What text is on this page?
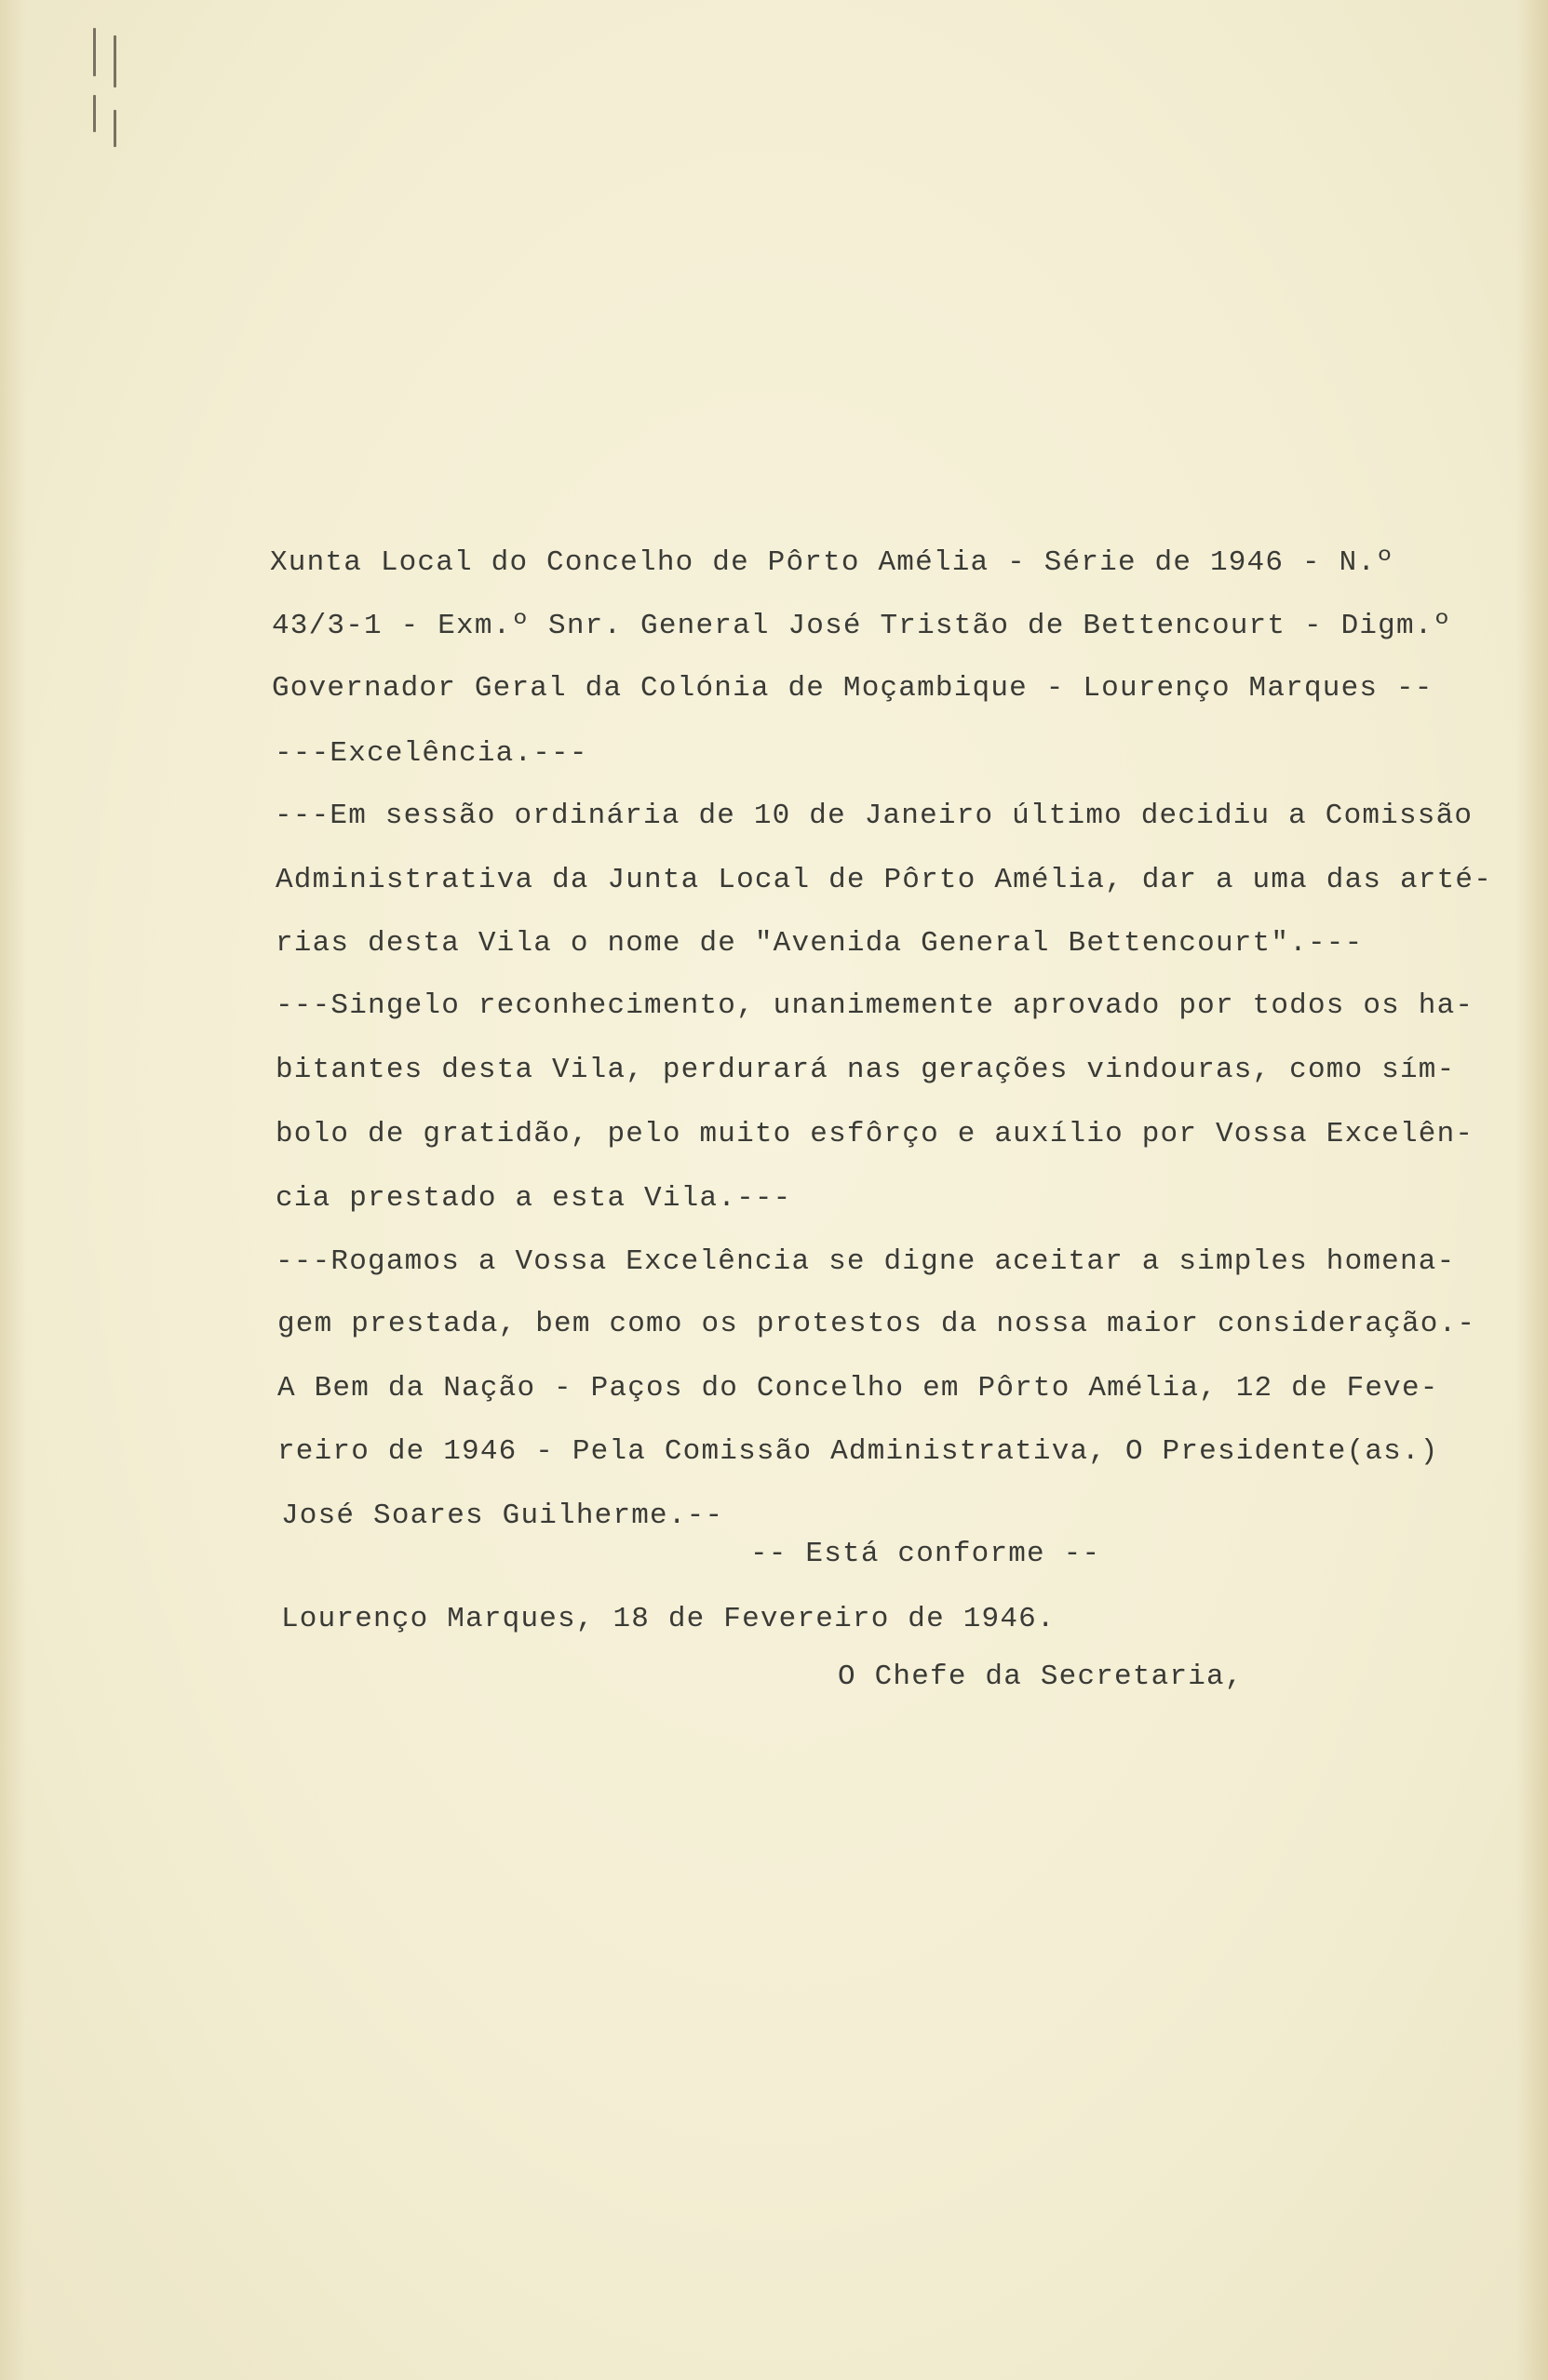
Xunta Local do Concelho de Pôrto Amélia - Série de 1946 - N.º
43/3-1 - Exm.º Snr. General José Tristão de Bettencourt - Digm.º
Governador Geral da Colónia de Moçambique - Lourenço Marques --
---Excelência.---
---Em sessão ordinária de 10 de Janeiro último decidiu a Comissão
Administrativa da Junta Local de Pôrto Amélia, dar a uma das arté-
rias desta Vila o nome de "Avenida General Bettencourt".---
---Singelo reconhecimento, unanimemente aprovado por todos os ha-
bitantes desta Vila, perdurará nas gerações vindouras, como sím-
bolo de gratidão, pelo muito esfôrço e auxílio por Vossa Excelên-
cia prestado a esta Vila.---
---Rogamos a Vossa Excelência se digne aceitar a simples homena-
gem prestada, bem como os protestos da nossa maior consideração.-
A Bem da Nação - Paços do Concelho em Pôrto Amélia, 12 de Feve-
reiro de 1946 - Pela Comissão Administrativa, O Presidente(as.)
José Soares Guilherme.--
-- Está conforme --
Lourenço Marques, 18 de Fevereiro de 1946.
O Chefe da Secretaria,
